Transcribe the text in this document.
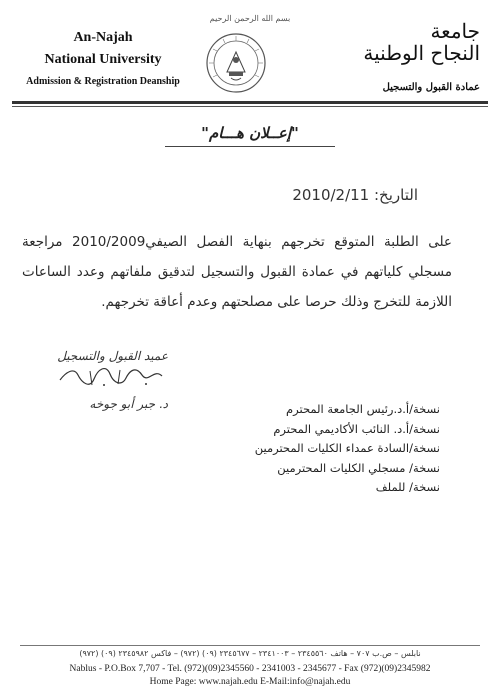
An-Najah
National University
Admission & Registration Deanship
بسم الله الرحمن الرحيم
جامعة
النجاح الوطنية
عمادة القبول والتسجيل
"إعــلان هـــام"
التاريخ: 2010/2/11
على الطلبة المتوقع تخرجهم بنهاية الفصل الصيفي2010/2009 مراجعة مسجلي كلياتهم في عمادة القبول والتسجيل لتدقيق ملفاتهم وعدد الساعات اللازمة للتخرج وذلك حرصا على مصلحتهم وعدم أعاقة تخرجهم.
عميد القبول والتسجيل
د. جبر أبو جوخه	نسخة/أ.د.رئيس الجامعة المحترم
نسخة/أ.د. النائب الأكاديمي المحترم
نسخة/السادة عمداء الكليات المحترمين
نسخة/ مسجلي الكليات المحترمين
نسخة/ للملف
نابلس – ص.ب ٧٠٧ – هاتف ٢٣٤٥٥٦٠ – ٢٣٤١٠٠٣ – ٢٣٤٥٦٧٧ (٠٩) (٩٧٢) – فاكس ٢٣٤٥٩٨٢ (٠٩) (٩٧٢)
Nablus - P.O.Box 7,707 - Tel. (972)(09)2345560 - 2341003 - 2345677 - Fax (972)(09)2345982
Home Page: www.najah.edu E-Mail:info@najah.edu
